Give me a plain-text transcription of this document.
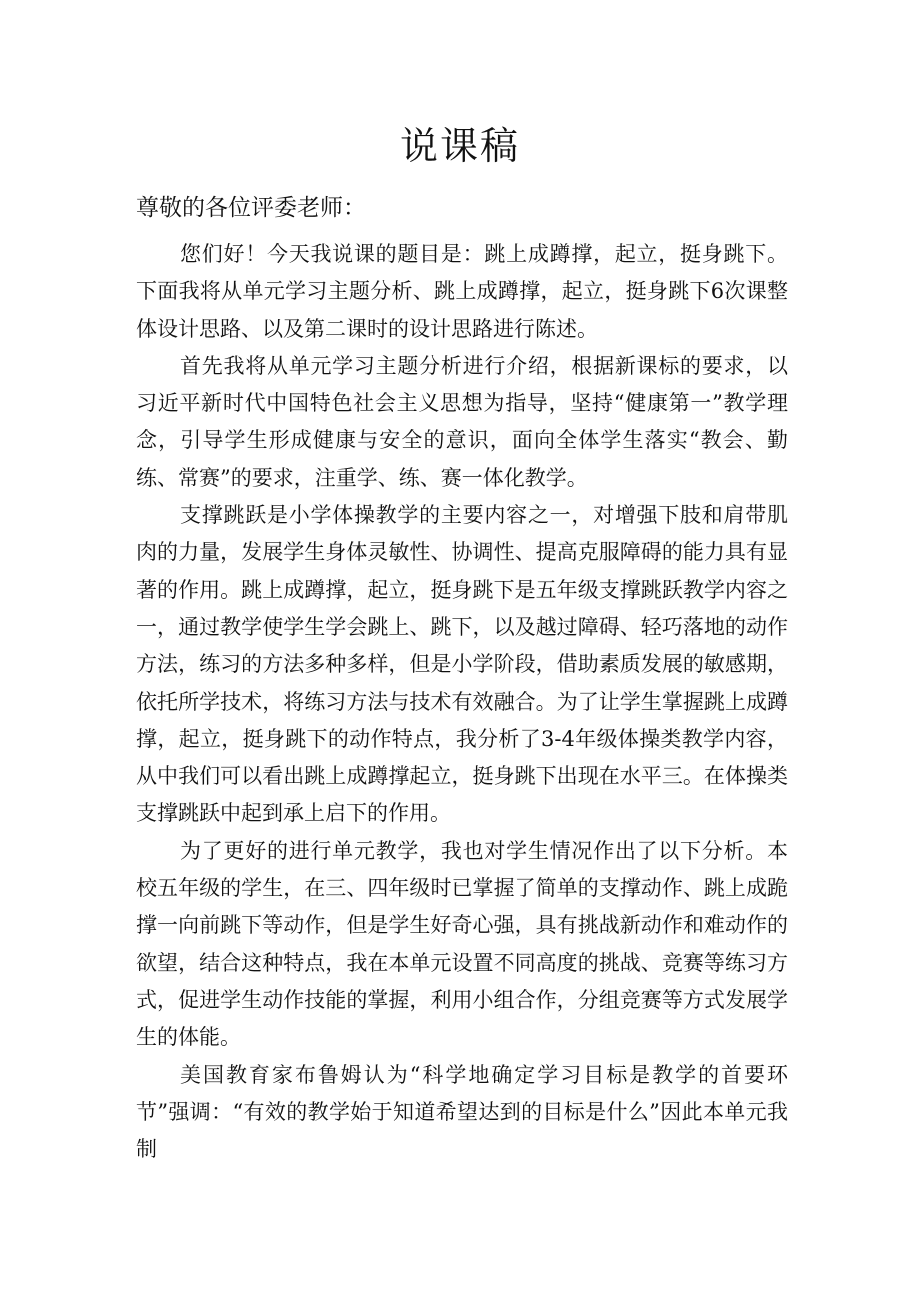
说课稿

尊敬的各位评委老师：

您们好！今天我说课的题目是：跳上成蹲撑，起立，挺身跳下。下面我将从单元学习主题分析、跳上成蹲撑，起立，挺身跳下6次课整体设计思路、以及第二课时的设计思路进行陈述。

首先我将从单元学习主题分析进行介绍，根据新课标的要求，以习近平新时代中国特色社会主义思想为指导，坚持“健康第一”教学理念，引导学生形成健康与安全的意识，面向全体学生落实“教会、勤练、常赛”的要求，注重学、练、赛一体化教学。

支撑跳跃是小学体操教学的主要内容之一，对增强下肢和肩带肌肉的力量，发展学生身体灵敏性、协调性、提高克服障碍的能力具有显著的作用。跳上成蹲撑，起立，挺身跳下是五年级支撑跳跃教学内容之一，通过教学使学生学会跳上、跳下，以及越过障碍、轻巧落地的动作方法，练习的方法多种多样，但是小学阶段，借助素质发展的敏感期，依托所学技术，将练习方法与技术有效融合。为了让学生掌握跳上成蹲撑，起立，挺身跳下的动作特点，我分析了3-4年级体操类教学内容，从中我们可以看出跳上成蹲撑起立，挺身跳下出现在水平三。在体操类支撑跳跃中起到承上启下的作用。

为了更好的进行单元教学，我也对学生情况作出了以下分析。本校五年级的学生，在三、四年级时已掌握了简单的支撑动作、跳上成跪撑一向前跳下等动作，但是学生好奇心强，具有挑战新动作和难动作的欲望，结合这种特点，我在本单元设置不同高度的挑战、竞赛等练习方式，促进学生动作技能的掌握，利用小组合作，分组竞赛等方式发展学生的体能。

美国教育家布鲁姆认为“科学地确定学习目标是教学的首要环节”强调：“有效的教学始于知道希望达到的目标是什么”因此本单元我制
